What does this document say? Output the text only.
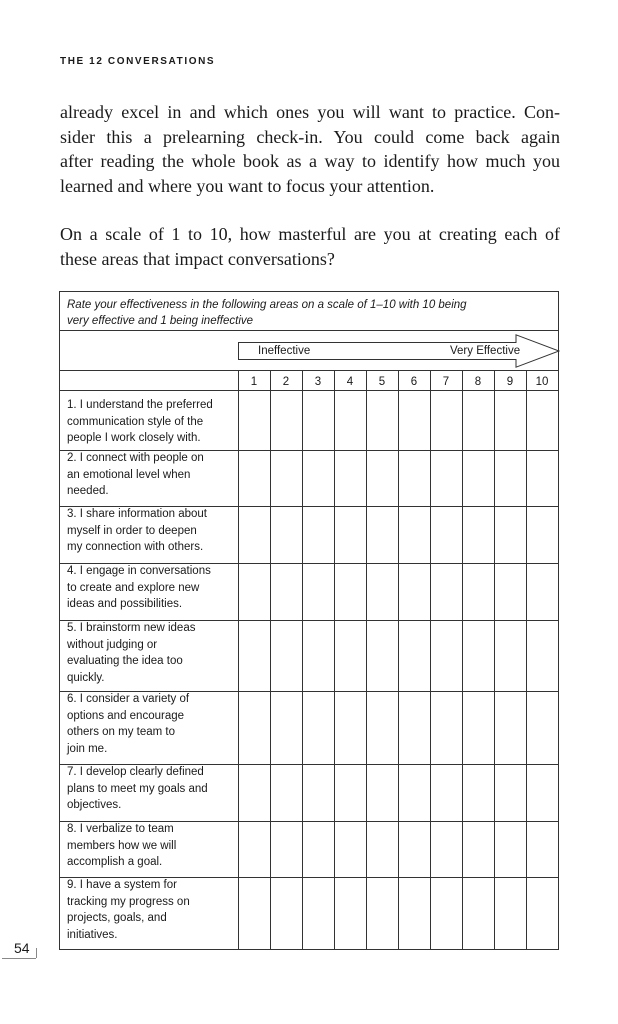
THE 12 CONVERSATIONS

already excel in and which ones you will want to practice. Con-
sider this a prelearning check-in. You could come back again
after reading the whole book as a way to identify how much you
learned and where you want to focus your attention.

On a scale of 1 to 10, how masterful are you at creating each of
these areas that impact conversations?

Rate your effectiveness in the following areas on a scale of 1–10 with 10 being
very effective and 1 being ineffective
Ineffective	Very Effective
1	2	3	4	5	6	7	8	9	10
1. I understand the preferred
communication style of the
people I work closely with.
2. I connect with people on
an emotional level when
needed.
3. I share information about
myself in order to deepen
my connection with others.
4. I engage in conversations
to create and explore new
ideas and possibilities.
5. I brainstorm new ideas
without judging or
evaluating the idea too
quickly.
6. I consider a variety of
options and encourage
others on my team to
join me.
7. I develop clearly defined
plans to meet my goals and
objectives.
8. I verbalize to team
members how we will
accomplish a goal.
9. I have a system for
tracking my progress on
projects, goals, and
initiatives.
54
